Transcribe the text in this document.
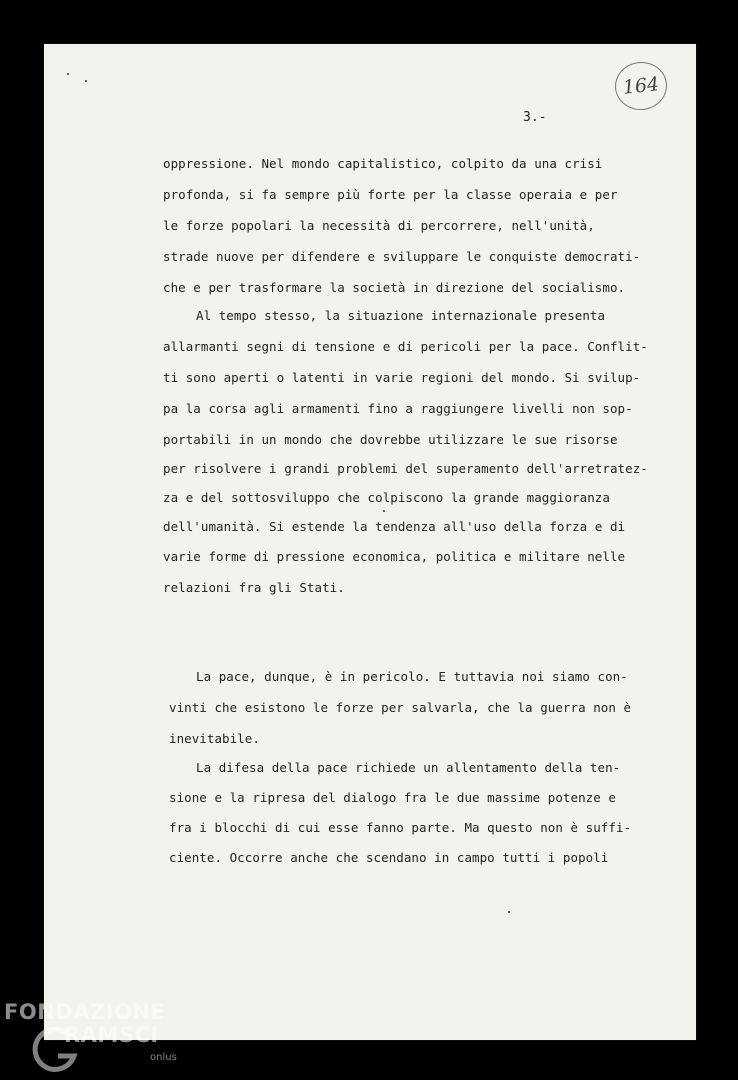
164
3.-
oppressione. Nel mondo capitalistico, colpito da una crisi
profonda, si fa sempre più forte per la classe operaia e per
le forze popolari la necessità di percorrere, nell'unità,
strade nuove per difendere e sviluppare le conquiste democrati-
che e per trasformare la società in direzione del socialismo.
Al tempo stesso, la situazione internazionale presenta
allarmanti segni di tensione e di pericoli per la pace. Conflit-
ti sono aperti o latenti in varie regioni del mondo. Si svilup-
pa la corsa agli armamenti fino a raggiungere livelli non sop-
portabili in un mondo che dovrebbe utilizzare le sue risorse
per risolvere i grandi problemi del superamento dell'arretratez-
za e del sottosviluppo che colpiscono la grande maggioranza
dell'umanità. Si estende la tendenza all'uso della forza e di
varie forme di pressione economica, politica e militare nelle
relazioni fra gli Stati.
La pace, dunque, è in pericolo. E tuttavia noi siamo con-
vinti che esistono le forze per salvarla, che la guerra non è
inevitabile.
La difesa della pace richiede un allentamento della ten-
sione e la ripresa del dialogo fra le due massime potenze e
fra i blocchi di cui esse fanno parte. Ma questo non è suffi-
ciente. Occorre anche che scendano in campo tutti i popoli
FONDAZIONE
RAMSCI
onlus
